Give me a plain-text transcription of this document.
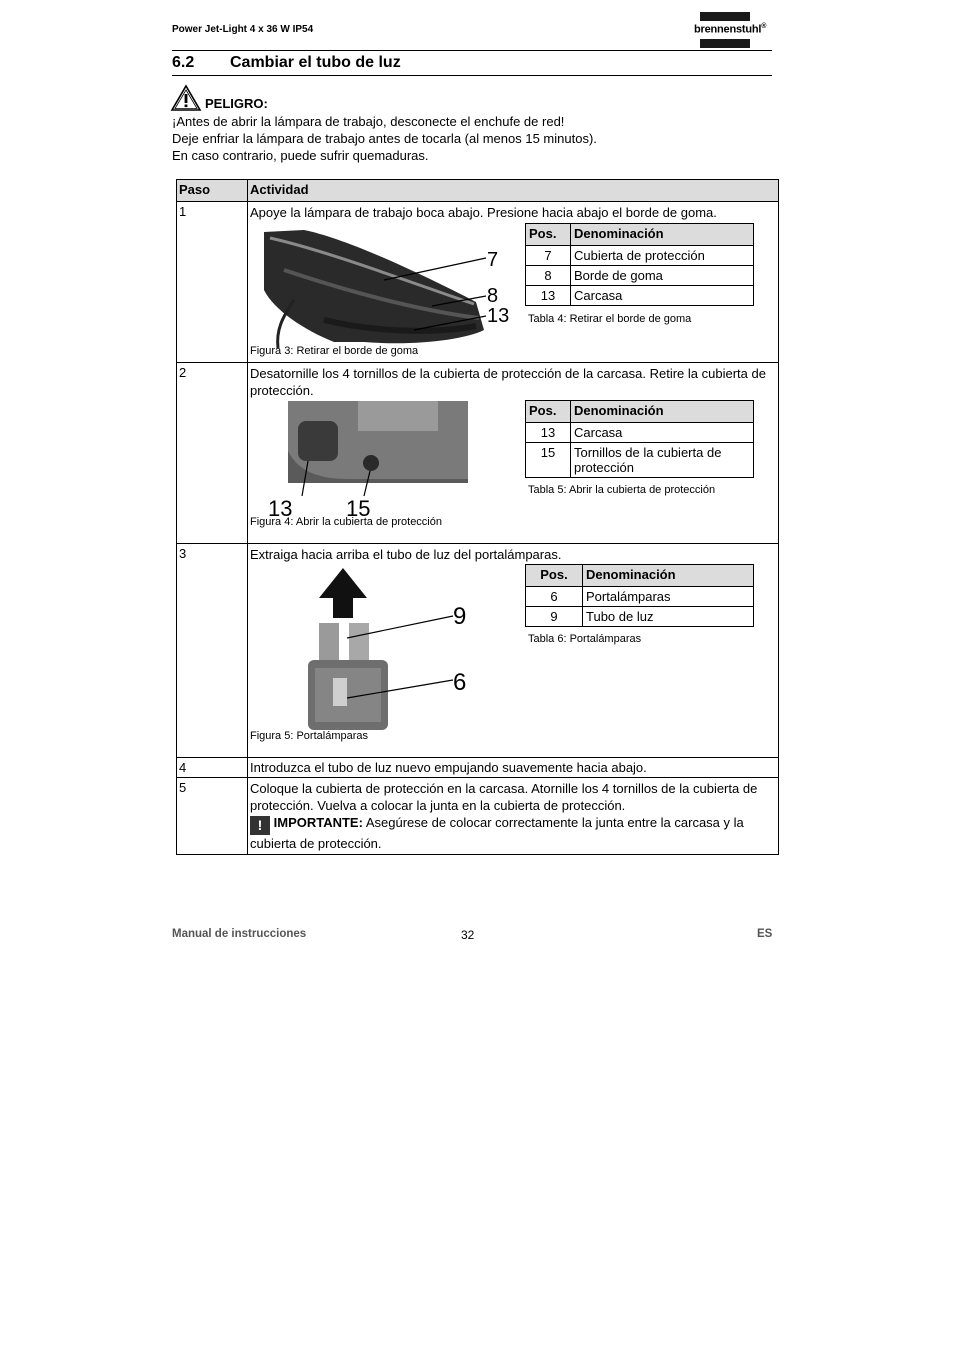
Power Jet-Light 4 x 36 W IP54	brennenstuhl®
6.2 Cambiar el tubo de luz
PELIGRO:
¡Antes de abrir la lámpara de trabajo, desconecte el enchufe de red!
Deje enfriar la lámpara de trabajo antes de tocarla (al menos 15 minutos).
En caso contrario, puede sufrir quemaduras.
Paso	Actividad
1	Apoye la lámpara de trabajo boca abajo. Presione hacia abajo el borde de goma.
7
8
13
Figura 3: Retirar el borde de goma
Pos.	Denominación
7	Cubierta de protección
8	Borde de goma
13	Carcasa
Tabla 4: Retirar el borde de goma

2	Desatornille los 4 tornillos de la cubierta de protección de la carcasa. Retire la cubierta de protección.
13 15
Figura 4: Abrir la cubierta de protección
Pos.	Denominación
13	Carcasa
15	Tornillos de la cubierta de protección
Tabla 5: Abrir la cubierta de protección

3	Extraiga hacia arriba el tubo de luz del portalámparas.
9
6
Figura 5: Portalámparas
Pos.	Denominación
6	Portalámparas
9	Tubo de luz
Tabla 6: Portalámparas

4	Introduzca el tubo de luz nuevo empujando suavemente hacia abajo.
5	Coloque la cubierta de protección en la carcasa. Atornille los 4 tornillos de la cubierta de protección. Vuelva a colocar la junta en la cubierta de protección.
! IMPORTANTE: Asegúrese de colocar correctamente la junta entre la carcasa y la cubierta de protección.
Manual de instrucciones	32	ES
